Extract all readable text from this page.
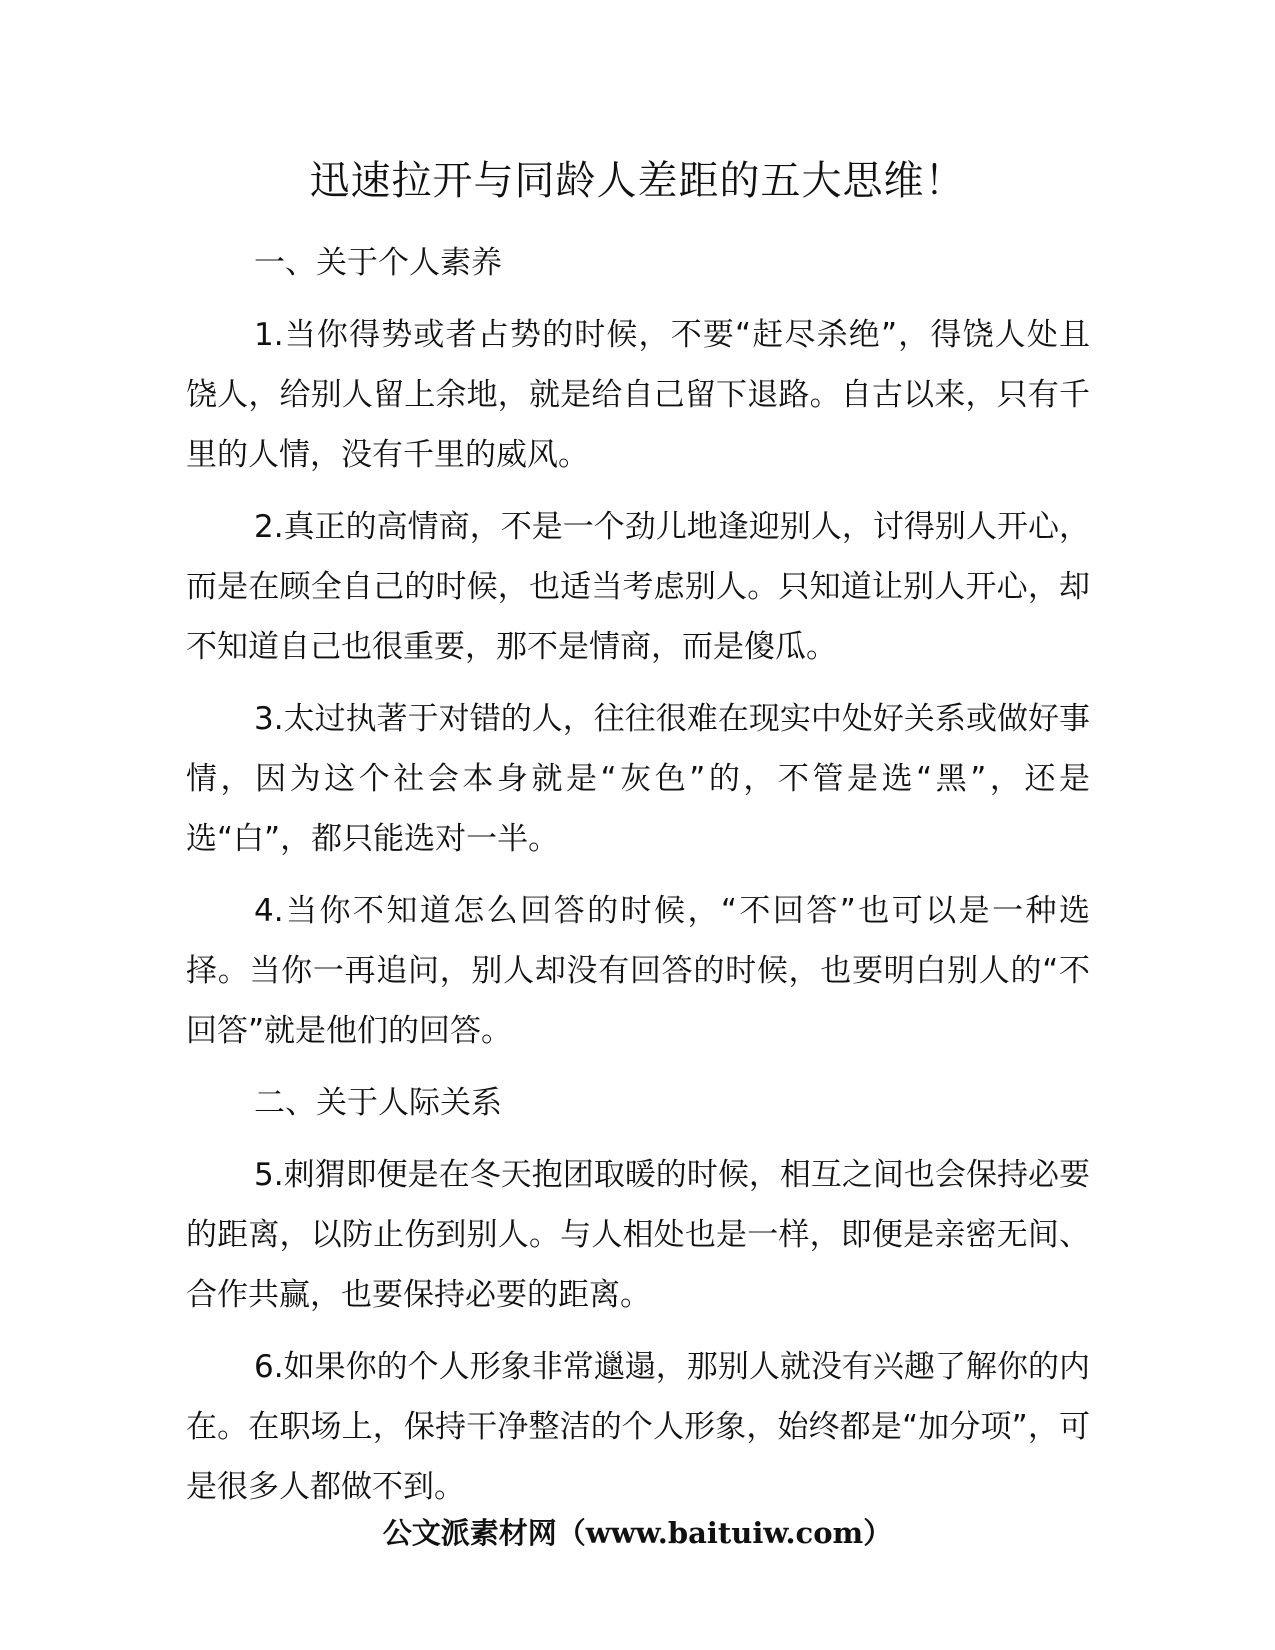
迅速拉开与同龄人差距的五大思维！

一、关于个人素养

1.当你得势或者占势的时候，不要“赶尽杀绝”，得饶人处且饶人，给别人留上余地，就是给自己留下退路。自古以来，只有千里的人情，没有千里的威风。

2.真正的高情商，不是一个劲儿地逢迎别人，讨得别人开心，而是在顾全自己的时候，也适当考虑别人。只知道让别人开心，却不知道自己也很重要，那不是情商，而是傻瓜。

3.太过执著于对错的人，往往很难在现实中处好关系或做好事情，因为这个社会本身就是“灰色”的，不管是选“黑”，还是选“白”，都只能选对一半。

4.当你不知道怎么回答的时候，“不回答”也可以是一种选择。当你一再追问，别人却没有回答的时候，也要明白别人的“不回答”就是他们的回答。

二、关于人际关系

5.刺猬即便是在冬天抱团取暖的时候，相互之间也会保持必要的距离，以防止伤到别人。与人相处也是一样，即便是亲密无间、合作共赢，也要保持必要的距离。

6.如果你的个人形象非常邋遢，那别人就没有兴趣了解你的内在。在职场上，保持干净整洁的个人形象，始终都是“加分项”，可是很多人都做不到。

公文派素材网（www.baituiw.com）
